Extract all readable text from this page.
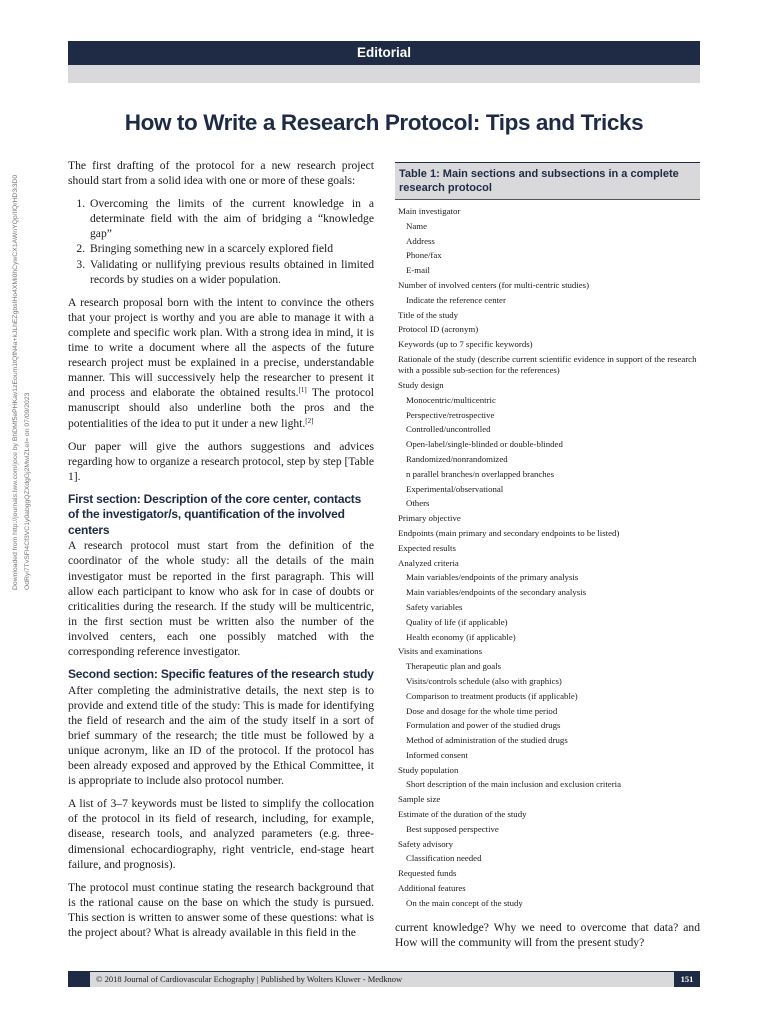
Editorial
How to Write a Research Protocol: Tips and Tricks
Downloaded from http://journals.lww.com/joce by BhDMf5ePHKav1zEoum1tQfN4a+kJLhEZgbsIHo4XMi0hCywCX1AWnYQp/IlQrHD3i3D0OdRyi7TvSFl4Cf3VC1y0abggQZXdgGj2MwlZLeI= on 07/09/2023

The first drafting of the protocol for a new research project should start from a solid idea with one or more of these goals:

1. Overcoming the limits of the current knowledge in a determinate field with the aim of bridging a “knowledge gap”
2. Bringing something new in a scarcely explored field
3. Validating or nullifying previous results obtained in limited records by studies on a wider population.

A research proposal born with the intent to convince the others that your project is worthy and you are able to manage it with a complete and specific work plan. With a strong idea in mind, it is time to write a document where all the aspects of the future research project must be explained in a precise, understandable manner. This will successively help the researcher to present it and process and elaborate the obtained results.[1] The protocol manuscript should also underline both the pros and the potentialities of the idea to put it under a new light.[2]

Our paper will give the authors suggestions and advices regarding how to organize a research protocol, step by step [Table 1].

First section: Description of the core center, contacts of the investigator/s, quantification of the involved centers

A research protocol must start from the definition of the coordinator of the whole study: all the details of the main investigator must be reported in the first paragraph. This will allow each participant to know who ask for in case of doubts or criticalities during the research. If the study will be multicentric, in the first section must be written also the number of the involved centers, each one possibly matched with the corresponding reference investigator.

Second section: Specific features of the research study

After completing the administrative details, the next step is to provide and extend title of the study: This is made for identifying the field of research and the aim of the study itself in a sort of brief summary of the research; the title must be followed by a unique acronym, like an ID of the protocol. If the protocol has been already exposed and approved by the Ethical Committee, it is appropriate to include also protocol number.

A list of 3–7 keywords must be listed to simplify the collocation of the protocol in its field of research, including, for example, disease, research tools, and analyzed parameters (e.g. three-dimensional echocardiography, right ventricle, end-stage heart failure, and prognosis).

The protocol must continue stating the research background that is the rational cause on the base on which the study is pursued. This section is written to answer some of these questions: what is the project about? What is already available in this field in the

Table 1: Main sections and subsections in a complete research protocol
Main investigator
Name
Address
Phone/fax
E-mail
Number of involved centers (for multi-centric studies)
Indicate the reference center
Title of the study
Protocol ID (acronym)
Keywords (up to 7 specific keywords)
Rationale of the study (describe current scientific evidence in support of the research with a possible sub-section for the references)
Study design
Monocentric/multicentric
Perspective/retrospective
Controlled/uncontrolled
Open-label/single-blinded or double-blinded
Randomized/nonrandomized
n parallel branches/n overlapped branches
Experimental/observational
Others
Primary objective
Endpoints (main primary and secondary endpoints to be listed)
Expected results
Analyzed criteria
Main variables/endpoints of the primary analysis
Main variables/endpoints of the secondary analysis
Safety variables
Quality of life (if applicable)
Health economy (if applicable)
Visits and examinations
Therapeutic plan and goals
Visits/controls schedule (also with graphics)
Comparison to treatment products (if applicable)
Dose and dosage for the whole time period
Formulation and power of the studied drugs
Method of administration of the studied drugs
Informed consent
Study population
Short description of the main inclusion and exclusion criteria
Sample size
Estimate of the duration of the study
Best supposed perspective
Safety advisory
Classification needed
Requested funds
Additional features
On the main concept of the study

current knowledge? Why we need to overcome that data? and How will the community will from the present study?

© 2018 Journal of Cardiovascular Echography | Published by Wolters Kluwer - Medknow	151
